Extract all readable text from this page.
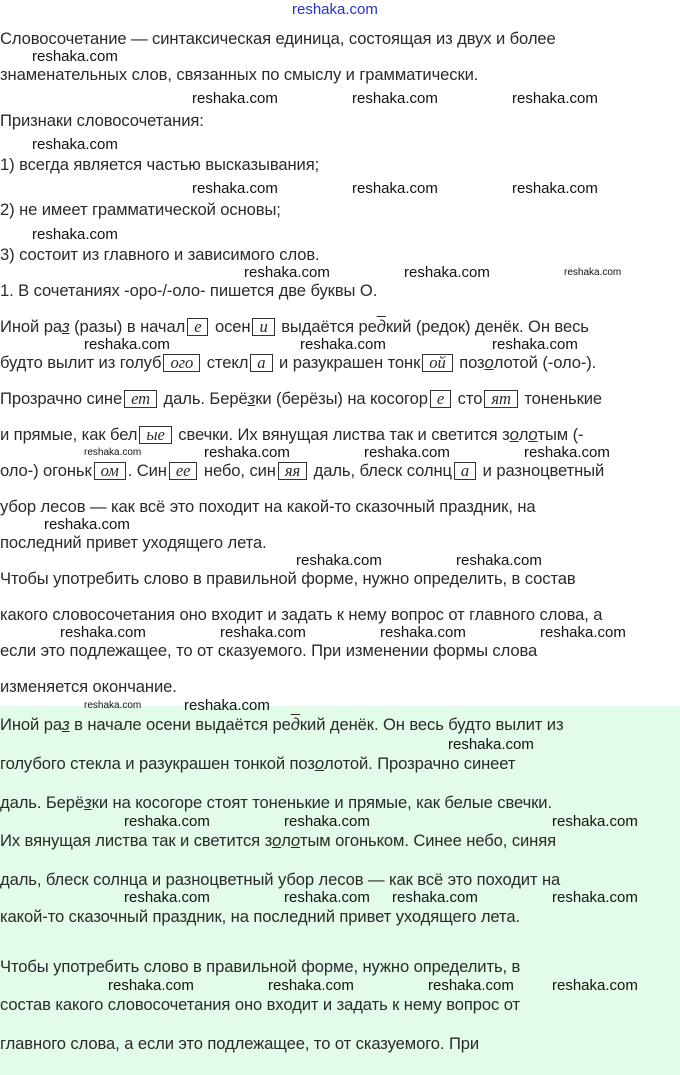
reshaka.com
Словосочетание — синтаксическая единица, состоящая из двух и более
знаменательных слов, связанных по смыслу и грамматически.
Признаки словосочетания:
1) всегда является частью высказывания;
2) не имеет грамматической основы;
3) состоит из главного и зависимого слов.
1. В сочетаниях -оро-/-оло- пишется две буквы О.
Иной раз (разы) в начал е осен и выдаётся редкий (редок) денёк. Он весь
будто вылит из голуб ого стекл а и разукрашен тонк ой позолотой (-оло-).
Прозрачно сине ет даль. Берёзки (берёзы) на косогор е сто ят тоненькие
и прямые, как бел ые свечки. Их вянущая листва так и светится золотым (-
оло-) огоньк ом . Син ее небо, син яя даль, блеск солнц а и разноцветный
убор лесов — как всё это походит на какой-то сказочный праздник, на
последний привет уходящего лета.
Чтобы употребить слово в правильной форме, нужно определить, в состав
какого словосочетания оно входит и задать к нему вопрос от главного слова, а
если это подлежащее, то от сказуемого. При изменении формы слова
изменяется окончание.
Иной раз в начале осени выдаётся редкий денёк. Он весь будто вылит из
голубого стекла и разукрашен тонкой позолотой. Прозрачно синеет
даль. Берёзки на косогоре стоят тоненькие и прямые, как белые свечки.
Их вянущая листва так и светится золотым огоньком. Синее небо, синяя
даль, блеск солнца и разноцветный убор лесов — как всё это походит на
какой-то сказочный праздник, на последний привет уходящего лета.
Чтобы употребить слово в правильной форме, нужно определить, в
состав какого словосочетания оно входит и задать к нему вопрос от
главного слова, а если это подлежащее, то от сказуемого. При
reshaka.com
reshaka.com	reshaka.com	reshaka.com
reshaka.com
reshaka.com	reshaka.com	reshaka.com
reshaka.com
reshaka.com	reshaka.com	reshaka.com
reshaka.com	reshaka.com	reshaka.com
reshaka.com	reshaka.com	reshaka.com	reshaka.com
reshaka.com
reshaka.com	reshaka.com
reshaka.com	reshaka.com	reshaka.com	reshaka.com
reshaka.com	reshaka.com
reshaka.com
reshaka.com	reshaka.com	reshaka.com
reshaka.com	reshaka.com reshaka.com	reshaka.com
reshaka.com	reshaka.com	reshaka.com	reshaka.com
